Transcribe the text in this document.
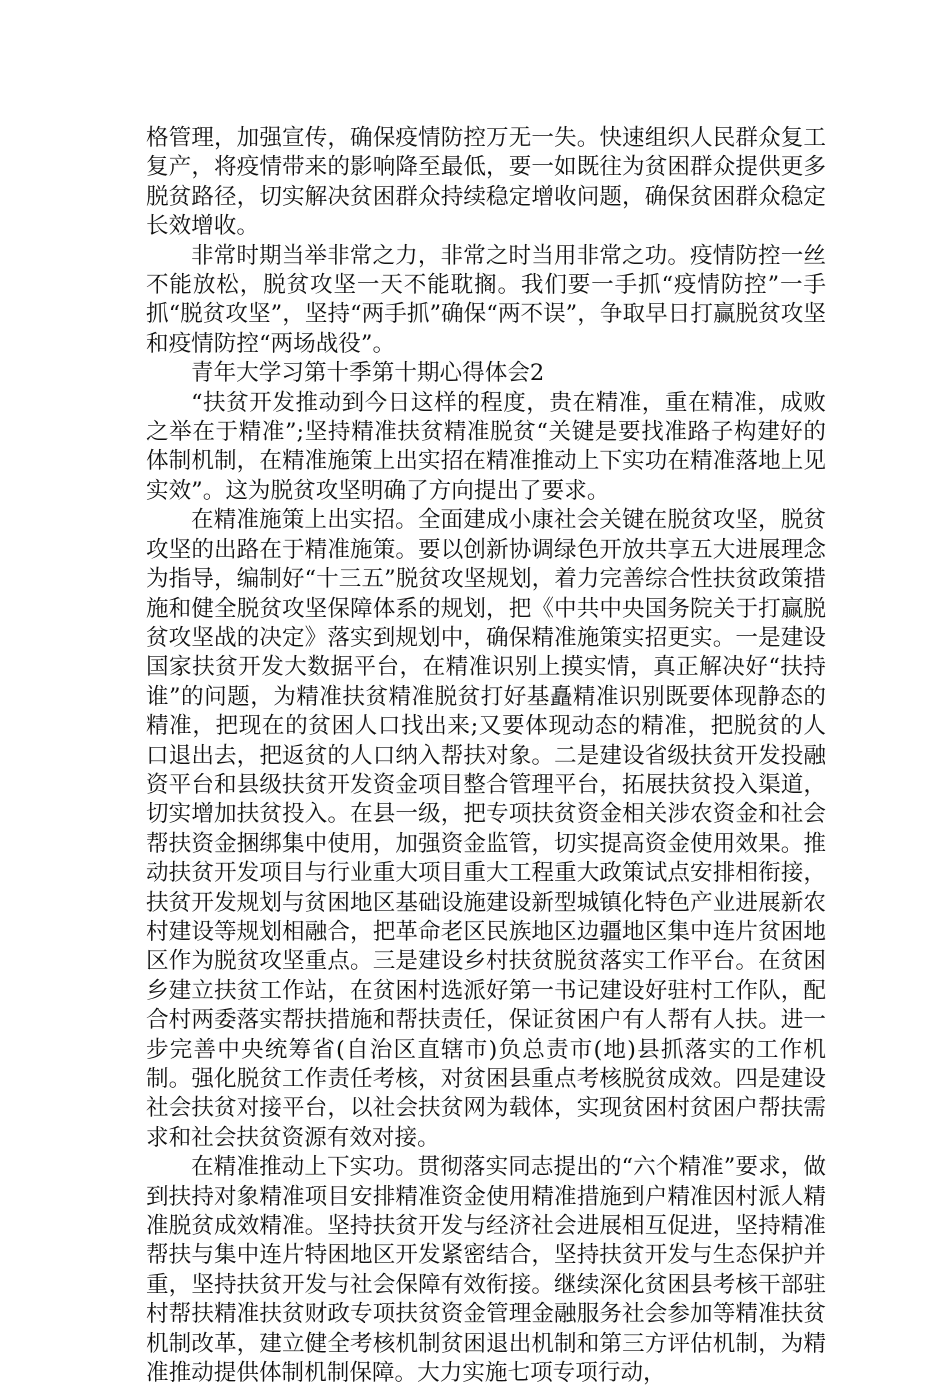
格管理，加强宣传，确保疫情防控万无一失。快速组织人民群众复工复产，将疫情带来的影响降至最低，要一如既往为贫困群众提供更多脱贫路径，切实解决贫困群众持续稳定增收问题，确保贫困群众稳定长效增收。

非常时期当举非常之力，非常之时当用非常之功。疫情防控一丝不能放松，脱贫攻坚一天不能耽搁。我们要一手抓“疫情防控”一手抓“脱贫攻坚”，坚持“两手抓”确保“两不误”，争取早日打赢脱贫攻坚和疫情防控“两场战役”。

青年大学习第十季第十期心得体会2

“扶贫开发推动到今日这样的程度，贵在精准，重在精准，成败之举在于精准”;坚持精准扶贫精准脱贫“关键是要找准路子构建好的体制机制，在精准施策上出实招在精准推动上下实功在精准落地上见实效”。这为脱贫攻坚明确了方向提出了要求。

在精准施策上出实招。全面建成小康社会关键在脱贫攻坚，脱贫攻坚的出路在于精准施策。要以创新协调绿色开放共享五大进展理念为指导，编制好“十三五”脱贫攻坚规划，着力完善综合性扶贫政策措施和健全脱贫攻坚保障体系的规划，把《中共中央国务院关于打赢脱贫攻坚战的决定》落实到规划中，确保精准施策实招更实。一是建设国家扶贫开发大数据平台，在精准识别上摸实情，真正解决好“扶持谁”的问题，为精准扶贫精准脱贫打好基矗精准识别既要体现静态的精准，把现在的贫困人口找出来;又要体现动态的精准，把脱贫的人口退出去，把返贫的人口纳入帮扶对象。二是建设省级扶贫开发投融资平台和县级扶贫开发资金项目整合管理平台，拓展扶贫投入渠道，切实增加扶贫投入。在县一级，把专项扶贫资金相关涉农资金和社会帮扶资金捆绑集中使用，加强资金监管，切实提高资金使用效果。推动扶贫开发项目与行业重大项目重大工程重大政策试点安排相衔接，扶贫开发规划与贫困地区基础设施建设新型城镇化特色产业进展新农村建设等规划相融合，把革命老区民族地区边疆地区集中连片贫困地区作为脱贫攻坚重点。三是建设乡村扶贫脱贫落实工作平台。在贫困乡建立扶贫工作站，在贫困村选派好第一书记建设好驻村工作队，配合村两委落实帮扶措施和帮扶责任，保证贫困户有人帮有人扶。进一步完善中央统筹省(自治区直辖市)负总责市(地)县抓落实的工作机制。强化脱贫工作责任考核，对贫困县重点考核脱贫成效。四是建设社会扶贫对接平台，以社会扶贫网为载体，实现贫困村贫困户帮扶需求和社会扶贫资源有效对接。

在精准推动上下实功。贯彻落实同志提出的“六个精准”要求，做到扶持对象精准项目安排精准资金使用精准措施到户精准因村派人精准脱贫成效精准。坚持扶贫开发与经济社会进展相互促进，坚持精准帮扶与集中连片特困地区开发紧密结合，坚持扶贫开发与生态保护并重，坚持扶贫开发与社会保障有效衔接。继续深化贫困县考核干部驻村帮扶精准扶贫财政专项扶贫资金管理金融服务社会参加等精准扶贫机制改革，建立健全考核机制贫困退出机制和第三方评估机制，为精准推动提供体制机制保障。大力实施七项专项行动，
